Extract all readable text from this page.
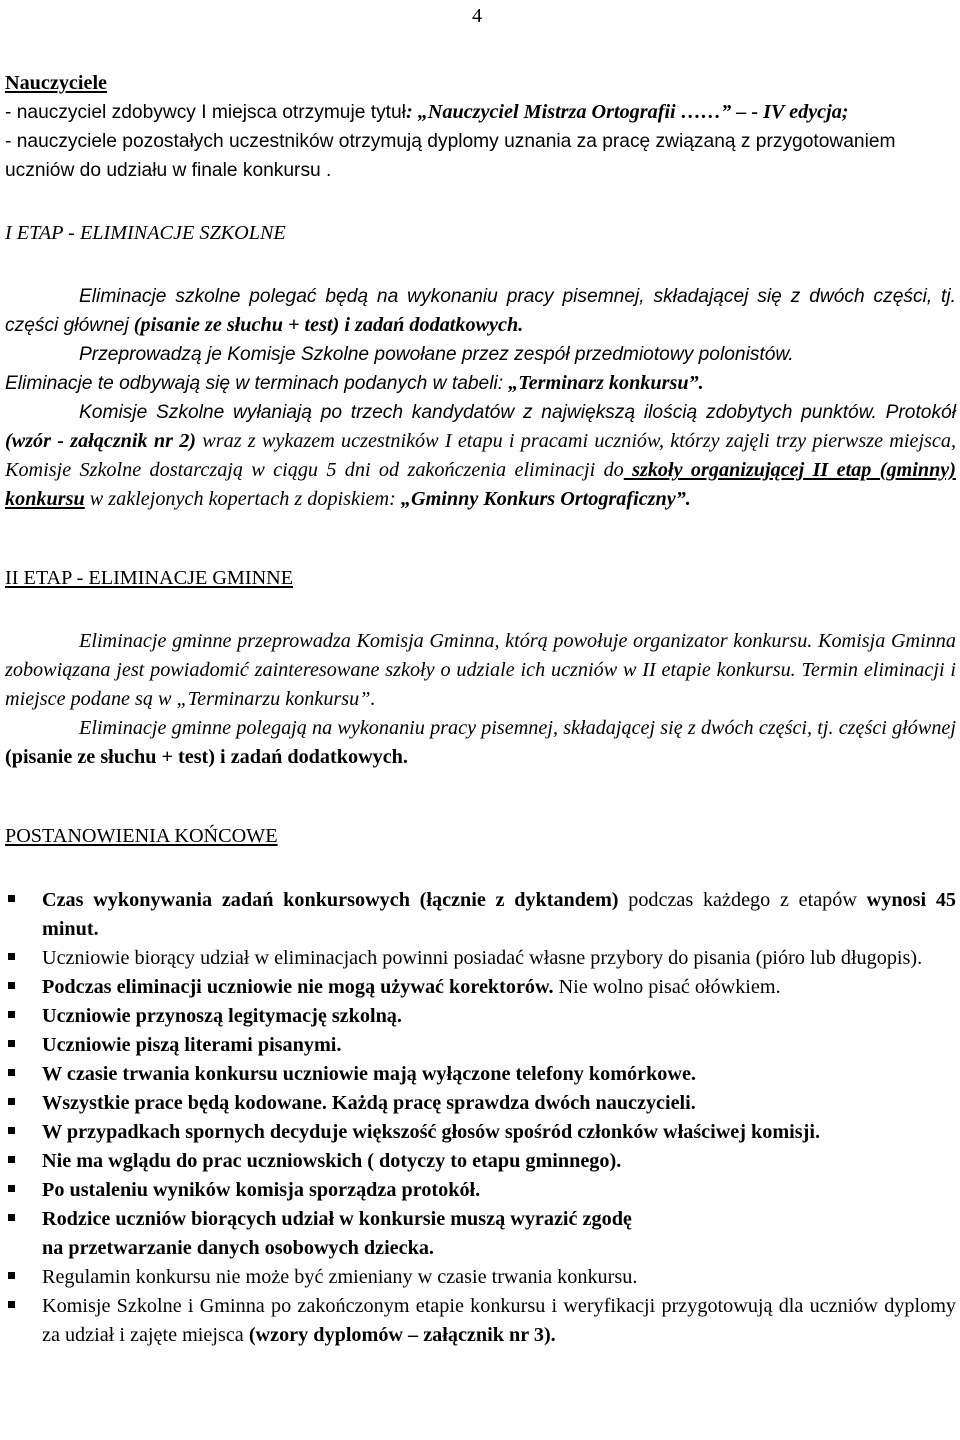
4

Nauczyciele

- nauczyciel zdobywcy I miejsca otrzymuje tytuł: „Nauczyciel Mistrza Ortografii ……” – - IV edycja;

- nauczyciele pozostałych uczestników otrzymują dyplomy uznania za pracę związaną z przygotowaniem uczniów do udziału w finale konkursu .

I ETAP - ELIMINACJE SZKOLNE

Eliminacje szkolne polegać będą na wykonaniu pracy pisemnej, składającej się z dwóch części, tj. części głównej (pisanie ze słuchu + test) i zadań dodatkowych.

Przeprowadzą je Komisje Szkolne powołane przez zespół przedmiotowy polonistów.

Eliminacje te odbywają się w terminach podanych w tabeli: „Terminarz konkursu”.

Komisje Szkolne wyłaniają po trzech kandydatów z największą ilością zdobytych punktów. Protokół (wzór - załącznik nr 2) wraz z wykazem uczestników I etapu i pracami uczniów, którzy zajęli trzy pierwsze miejsca, Komisje Szkolne dostarczają w ciągu 5 dni od zakończenia eliminacji do szkoły organizującej II etap (gminny) konkursu w zaklejonych kopertach z dopiskiem: „Gminny Konkurs Ortograficzny”.

II ETAP - ELIMINACJE GMINNE

Eliminacje gminne przeprowadza Komisja Gminna, którą powołuje organizator konkursu. Komisja Gminna zobowiązana jest powiadomić zainteresowane szkoły o udziale ich uczniów w II etapie konkursu. Termin eliminacji i miejsce podane są w „Terminarzu konkursu”.

Eliminacje gminne polegają na wykonaniu pracy pisemnej, składającej się z dwóch części, tj. części głównej (pisanie ze słuchu + test) i zadań dodatkowych.

POSTANOWIENIA KOŃCOWE

Czas wykonywania zadań konkursowych (łącznie z dyktandem) podczas każdego z etapów wynosi 45 minut.
Uczniowie biorący udział w eliminacjach powinni posiadać własne przybory do pisania (pióro lub długopis).
Podczas eliminacji uczniowie nie mogą używać korektorów. Nie wolno pisać ołówkiem.
Uczniowie przynoszą legitymację szkolną.
Uczniowie piszą literami pisanymi.
W czasie trwania konkursu uczniowie mają wyłączone telefony komórkowe.
Wszystkie prace będą kodowane. Każdą pracę sprawdza dwóch nauczycieli.
W przypadkach spornych decyduje większość głosów spośród członków właściwej komisji.
Nie ma wglądu do prac uczniowskich ( dotyczy to etapu gminnego).
Po ustaleniu wyników komisja sporządza protokół.
Rodzice uczniów biorących udział w konkursie muszą wyrazić zgodę
na przetwarzanie danych osobowych dziecka.
Regulamin konkursu nie może być zmieniany w czasie trwania konkursu.
Komisje Szkolne i Gminna po zakończonym etapie konkursu i weryfikacji przygotowują dla uczniów dyplomy za udział i zajęte miejsca (wzory dyplomów – załącznik nr 3).
